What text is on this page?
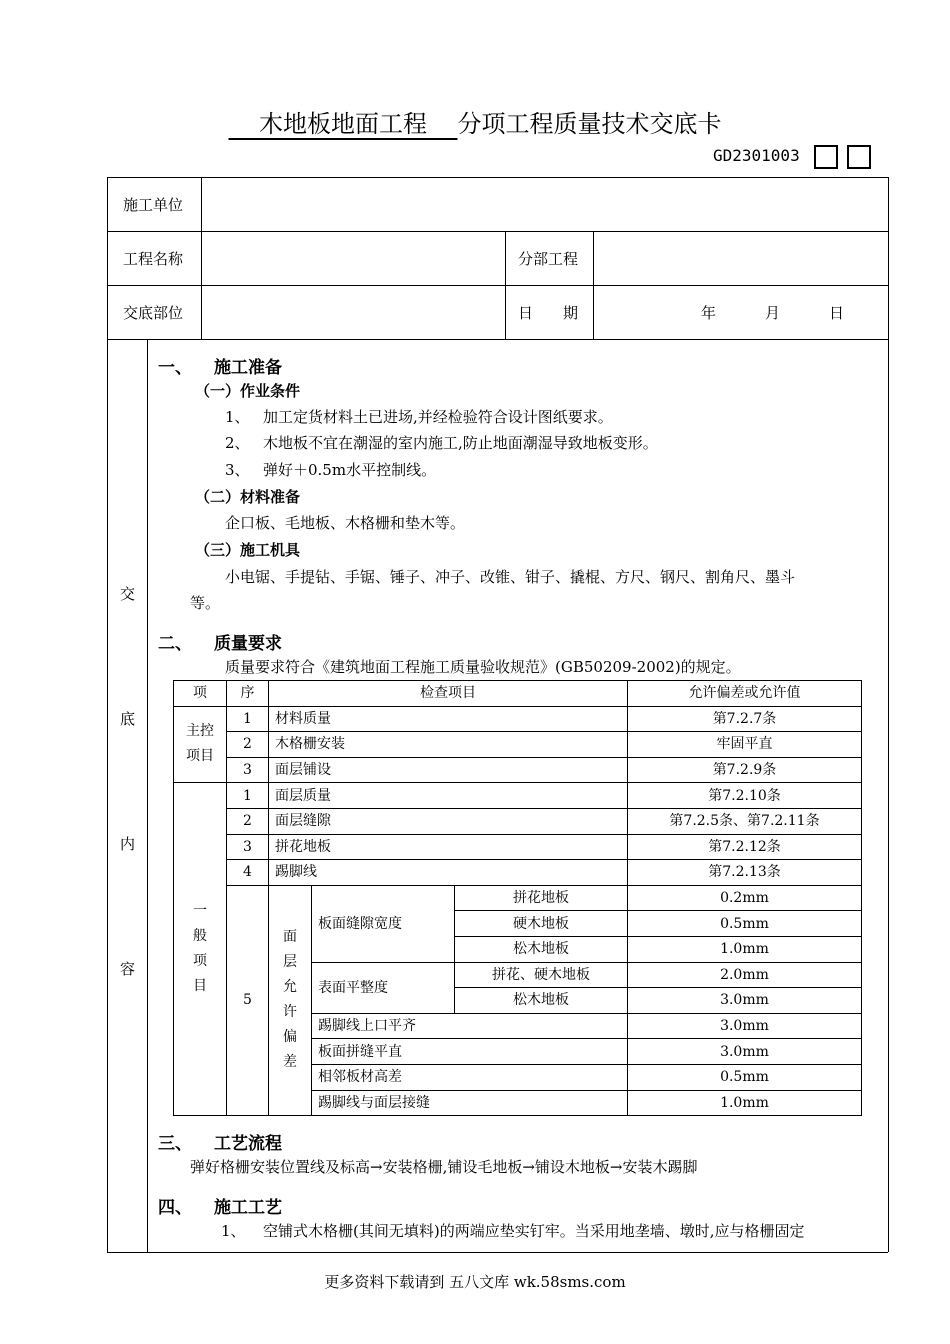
木地板地面工程 分项工程质量技术交底卡
GD2301003
施工单位
工程名称	分部工程
交底部位	日　　期	年	月	日
交
底
内
容
一、 施工准备
（一）作业条件
1、 加工定货材料土已进场,并经检验符合设计图纸要求。
2、 木地板不宜在潮湿的室内施工,防止地面潮湿导致地板变形。
3、 弹好＋0.5m水平控制线。
（二）材料准备
企口板、毛地板、木格栅和垫木等。
（三）施工机具
小电锯、手提钻、手锯、锤子、冲子、改锥、钳子、撬棍、方尺、钢尺、割角尺、墨斗
等。
二、 质量要求
质量要求符合《建筑地面工程施工质量验收规范》(GB50209-2002)的规定。
项	序	检查项目			允许偏差或允许值

主控项目	1	材料质量			第7.2.7条
	2	木格栅安装			牢固平直
	3	面层铺设			第7.2.9条

一般项目	1	面层质量			第7.2.10条
	2	面层缝隙			第7.2.5条、第7.2.11条
	3	拼花地板			第7.2.12条
	4	踢脚线			第7.2.13条
	5	面层允许偏差	板面缝隙宽度	拼花地板	0.2mm
				硬木地板	0.5mm
				松木地板	1.0mm
			表面平整度	拼花、硬木地板	2.0mm
				松木地板	3.0mm
			踢脚线上口平齐		3.0mm
			板面拼缝平直		3.0mm
			相邻板材高差		0.5mm
			踢脚线与面层接缝		1.0mm
三、 工艺流程
弹好格栅安装位置线及标高→安装格栅,铺设毛地板→铺设木地板→安装木踢脚
四、 施工工艺
1、 空铺式木格栅(其间无填料)的两端应垫实钉牢。当采用地垄墙、墩时,应与格栅固定
更多资料下载请到 五八文库 wk.58sms.com
